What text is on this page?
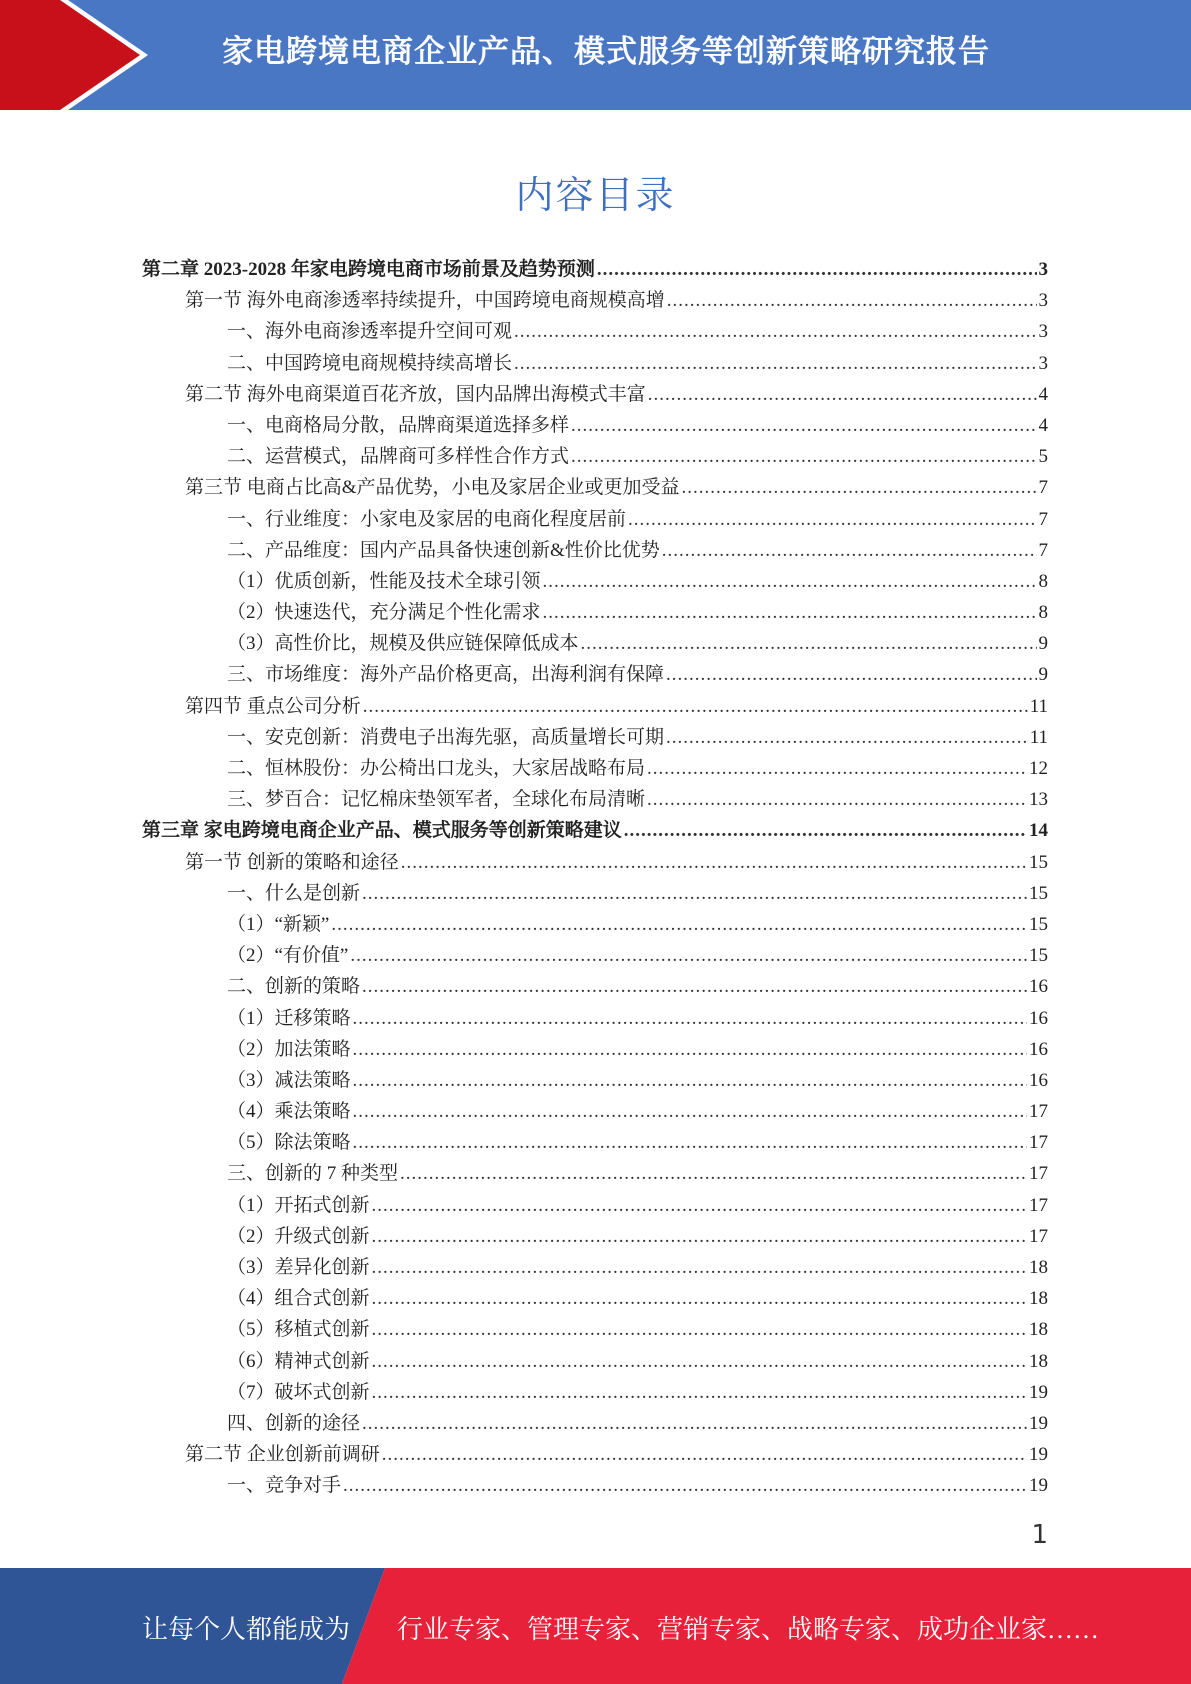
家电跨境电商企业产品、模式服务等创新策略研究报告
内容目录
第二章 2023-2028 年家电跨境电商市场前景及趋势预测 .....	3
第一节 海外电商渗透率持续提升，中国跨境电商规模高增 .....	3
一、海外电商渗透率提升空间可观 .....	3
二、中国跨境电商规模持续高增长 .....	3
第二节 海外电商渠道百花齐放，国内品牌出海模式丰富 .....	4
一、电商格局分散，品牌商渠道选择多样 .....	4
二、运营模式，品牌商可多样性合作方式 .....	5
第三节 电商占比高&产品优势，小电及家居企业或更加受益 .....	7
一、行业维度：小家电及家居的电商化程度居前 .....	7
二、产品维度：国内产品具备快速创新&性价比优势 .....	7
（1）优质创新，性能及技术全球引领 .....	8
（2）快速迭代，充分满足个性化需求 .....	8
（3）高性价比，规模及供应链保障低成本 .....	9
三、市场维度：海外产品价格更高，出海利润有保障 .....	9
第四节 重点公司分析 .....	11
一、安克创新：消费电子出海先驱，高质量增长可期 .....	11
二、恒林股份：办公椅出口龙头，大家居战略布局 .....	12
三、梦百合：记忆棉床垫领军者，全球化布局清晰 .....	13
第三章 家电跨境电商企业产品、模式服务等创新策略建议 .....	14
第一节 创新的策略和途径 .....	15
一、什么是创新 .....	15
（1）“新颖” .....	15
（2）“有价值” .....	15
二、创新的策略 .....	16
（1）迁移策略 .....	16
（2）加法策略 .....	16
（3）减法策略 .....	16
（4）乘法策略 .....	17
（5）除法策略 .....	17
三、创新的 7 种类型 .....	17
（1）开拓式创新 .....	17
（2）升级式创新 .....	17
（3）差异化创新 .....	18
（4）组合式创新 .....	18
（5）移植式创新 .....	18
（6）精神式创新 .....	18
（7）破坏式创新 .....	19
四、创新的途径 .....	19
第二节 企业创新前调研 .....	19
一、竞争对手 .....	19
1
让每个人都能成为 行业专家、管理专家、营销专家、战略专家、成功企业家……
